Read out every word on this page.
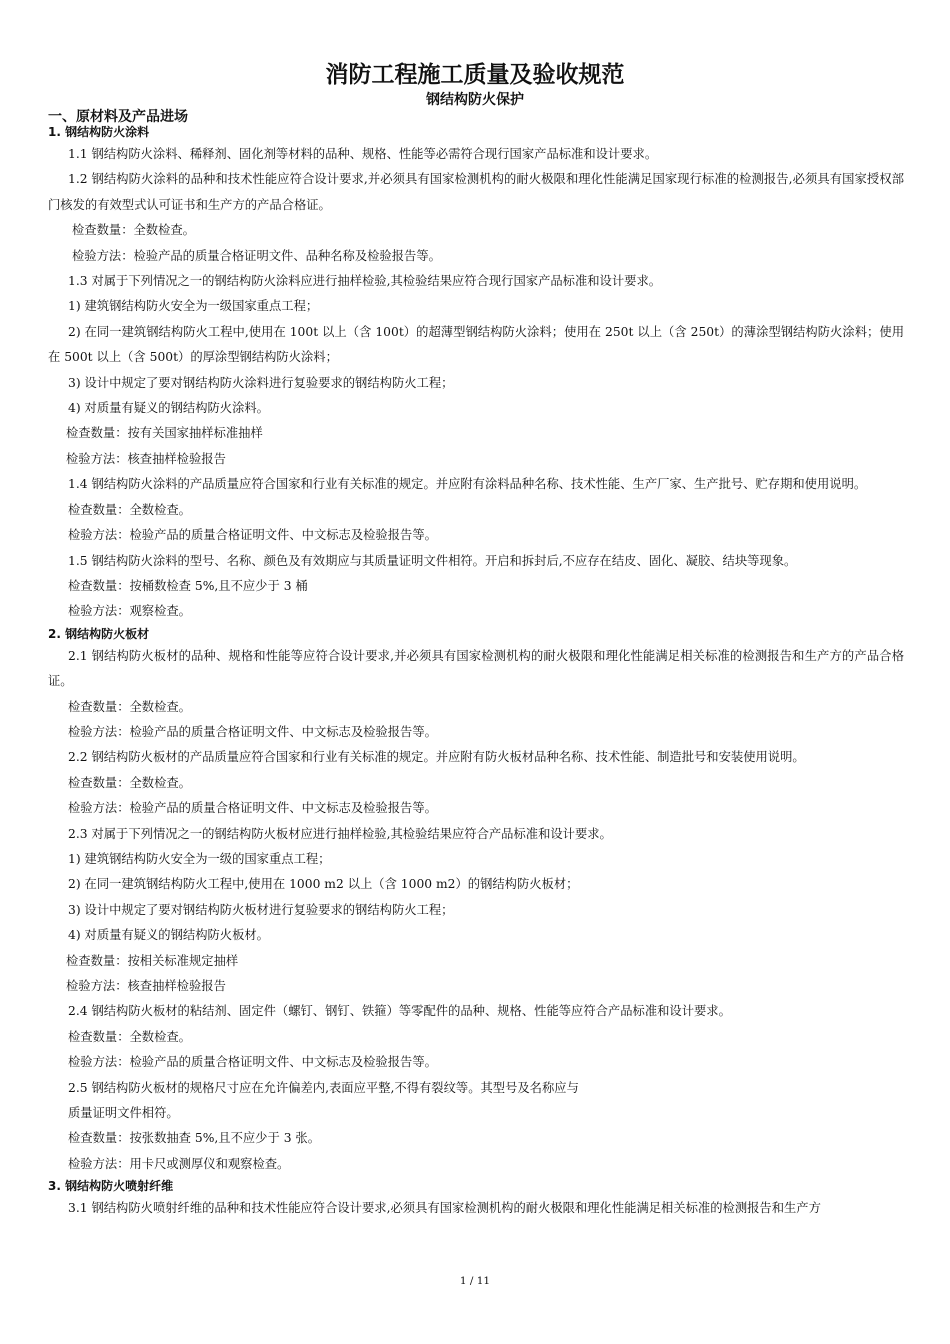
消防工程施工质量及验收规范
钢结构防火保护
一、原材料及产品进场
1. 钢结构防火涂料

1.1 钢结构防火涂料、稀释剂、固化剂等材料的品种、规格、性能等必需符合现行国家产品标准和设计要求。

1.2 钢结构防火涂料的品种和技术性能应符合设计要求,并必须具有国家检测机构的耐火极限和理化性能满足国家现行标准的检测报告,必须具有国家授权部门核发的有效型式认可证书和生产方的产品合格证。

检查数量：全数检查。

检验方法：检验产品的质量合格证明文件、品种名称及检验报告等。

1.3 对属于下列情况之一的钢结构防火涂料应进行抽样检验,其检验结果应符合现行国家产品标准和设计要求。

1) 建筑钢结构防火安全为一级国家重点工程；

2) 在同一建筑钢结构防火工程中,使用在 100t 以上（含 100t）的超薄型钢结构防火涂料；使用在 250t 以上（含 250t）的薄涂型钢结构防火涂料；使用在 500t 以上（含 500t）的厚涂型钢结构防火涂料；

3) 设计中规定了要对钢结构防火涂料进行复验要求的钢结构防火工程；

4) 对质量有疑义的钢结构防火涂料。

检查数量：按有关国家抽样标准抽样

检验方法：核查抽样检验报告

1.4 钢结构防火涂料的产品质量应符合国家和行业有关标准的规定。并应附有涂料品种名称、技术性能、生产厂家、生产批号、贮存期和使用说明。

检查数量：全数检查。

检验方法：检验产品的质量合格证明文件、中文标志及检验报告等。

1.5 钢结构防火涂料的型号、名称、颜色及有效期应与其质量证明文件相符。开启和拆封后,不应存在结皮、固化、凝胶、结块等现象。

检查数量：按桶数检查 5%,且不应少于 3 桶

检验方法：观察检查。

2. 钢结构防火板材

2.1 钢结构防火板材的品种、规格和性能等应符合设计要求,并必须具有国家检测机构的耐火极限和理化性能满足相关标准的检测报告和生产方的产品合格证。

检查数量：全数检查。

检验方法：检验产品的质量合格证明文件、中文标志及检验报告等。

2.2 钢结构防火板材的产品质量应符合国家和行业有关标准的规定。并应附有防火板材品种名称、技术性能、制造批号和安装使用说明。

检查数量：全数检查。

检验方法：检验产品的质量合格证明文件、中文标志及检验报告等。

2.3 对属于下列情况之一的钢结构防火板材应进行抽样检验,其检验结果应符合产品标准和设计要求。

1) 建筑钢结构防火安全为一级的国家重点工程；

2) 在同一建筑钢结构防火工程中,使用在 1000 m2 以上（含 1000 m2）的钢结构防火板材；

3) 设计中规定了要对钢结构防火板材进行复验要求的钢结构防火工程；

4) 对质量有疑义的钢结构防火板材。

检查数量：按相关标准规定抽样

检验方法：核查抽样检验报告

2.4 钢结构防火板材的粘结剂、固定件（螺钉、钢钉、铁箍）等零配件的品种、规格、性能等应符合产品标准和设计要求。

检查数量：全数检查。

检验方法：检验产品的质量合格证明文件、中文标志及检验报告等。

2.5 钢结构防火板材的规格尺寸应在允许偏差内,表面应平整,不得有裂纹等。其型号及名称应与

质量证明文件相符。

检查数量：按张数抽查 5%,且不应少于 3 张。

检验方法：用卡尺或测厚仪和观察检查。

3. 钢结构防火喷射纤维

3.1 钢结构防火喷射纤维的品种和技术性能应符合设计要求,必须具有国家检测机构的耐火极限和理化性能满足相关标准的检测报告和生产方

1 / 11
